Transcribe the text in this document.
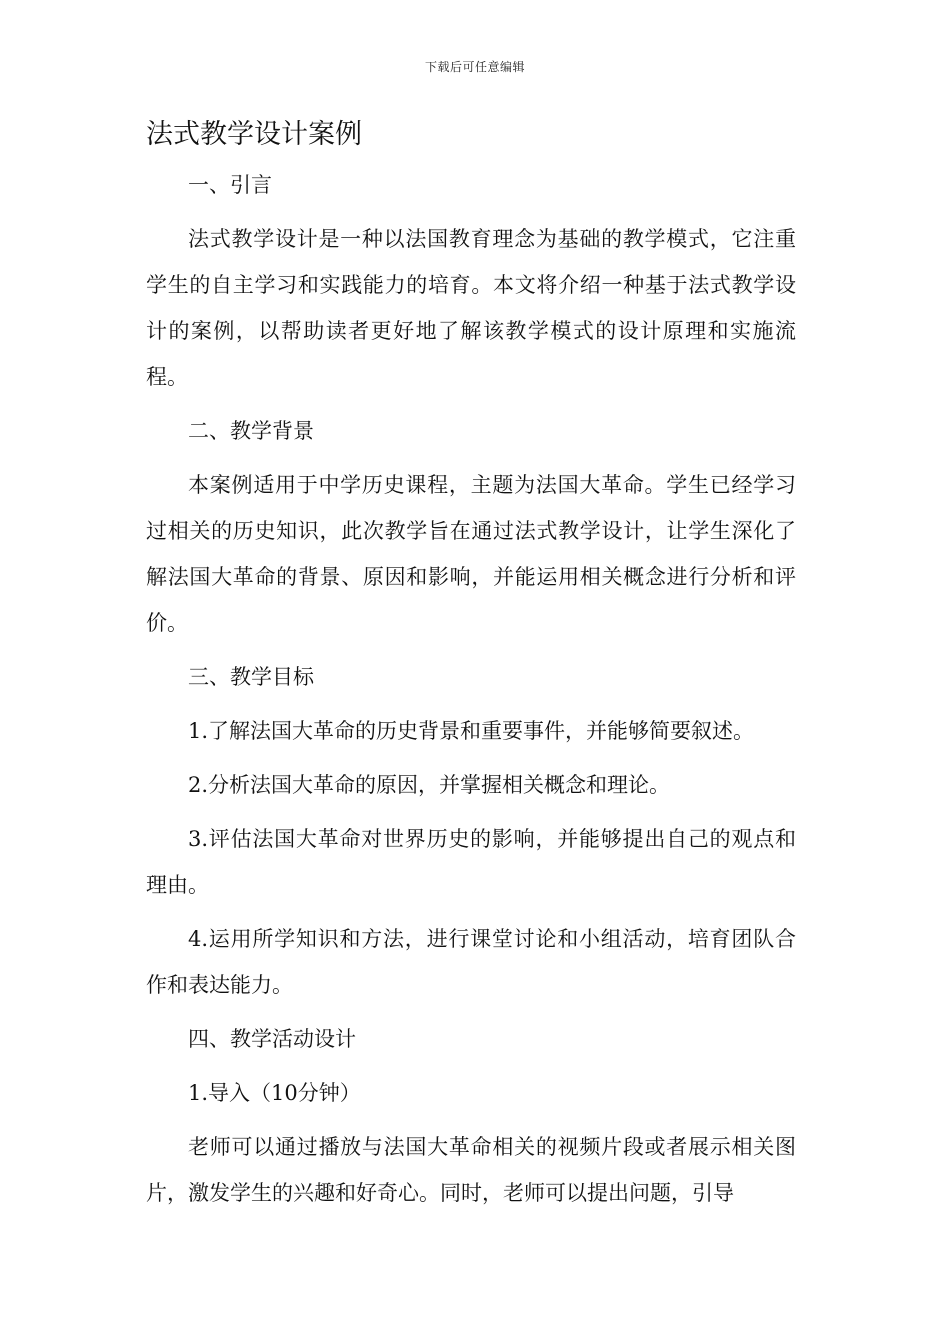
下载后可任意编辑
法式教学设计案例

一、引言

法式教学设计是一种以法国教育理念为基础的教学模式，它注重学生的自主学习和实践能力的培育。本文将介绍一种基于法式教学设计的案例，以帮助读者更好地了解该教学模式的设计原理和实施流程。

二、教学背景

本案例适用于中学历史课程，主题为法国大革命。学生已经学习过相关的历史知识，此次教学旨在通过法式教学设计，让学生深化了解法国大革命的背景、原因和影响，并能运用相关概念进行分析和评价。

三、教学目标

1.了解法国大革命的历史背景和重要事件，并能够简要叙述。

2.分析法国大革命的原因，并掌握相关概念和理论。

3.评估法国大革命对世界历史的影响，并能够提出自己的观点和理由。

4.运用所学知识和方法，进行课堂讨论和小组活动，培育团队合作和表达能力。

四、教学活动设计

1.导入（10分钟）

老师可以通过播放与法国大革命相关的视频片段或者展示相关图片，激发学生的兴趣和好奇心。同时，老师可以提出问题，引导
